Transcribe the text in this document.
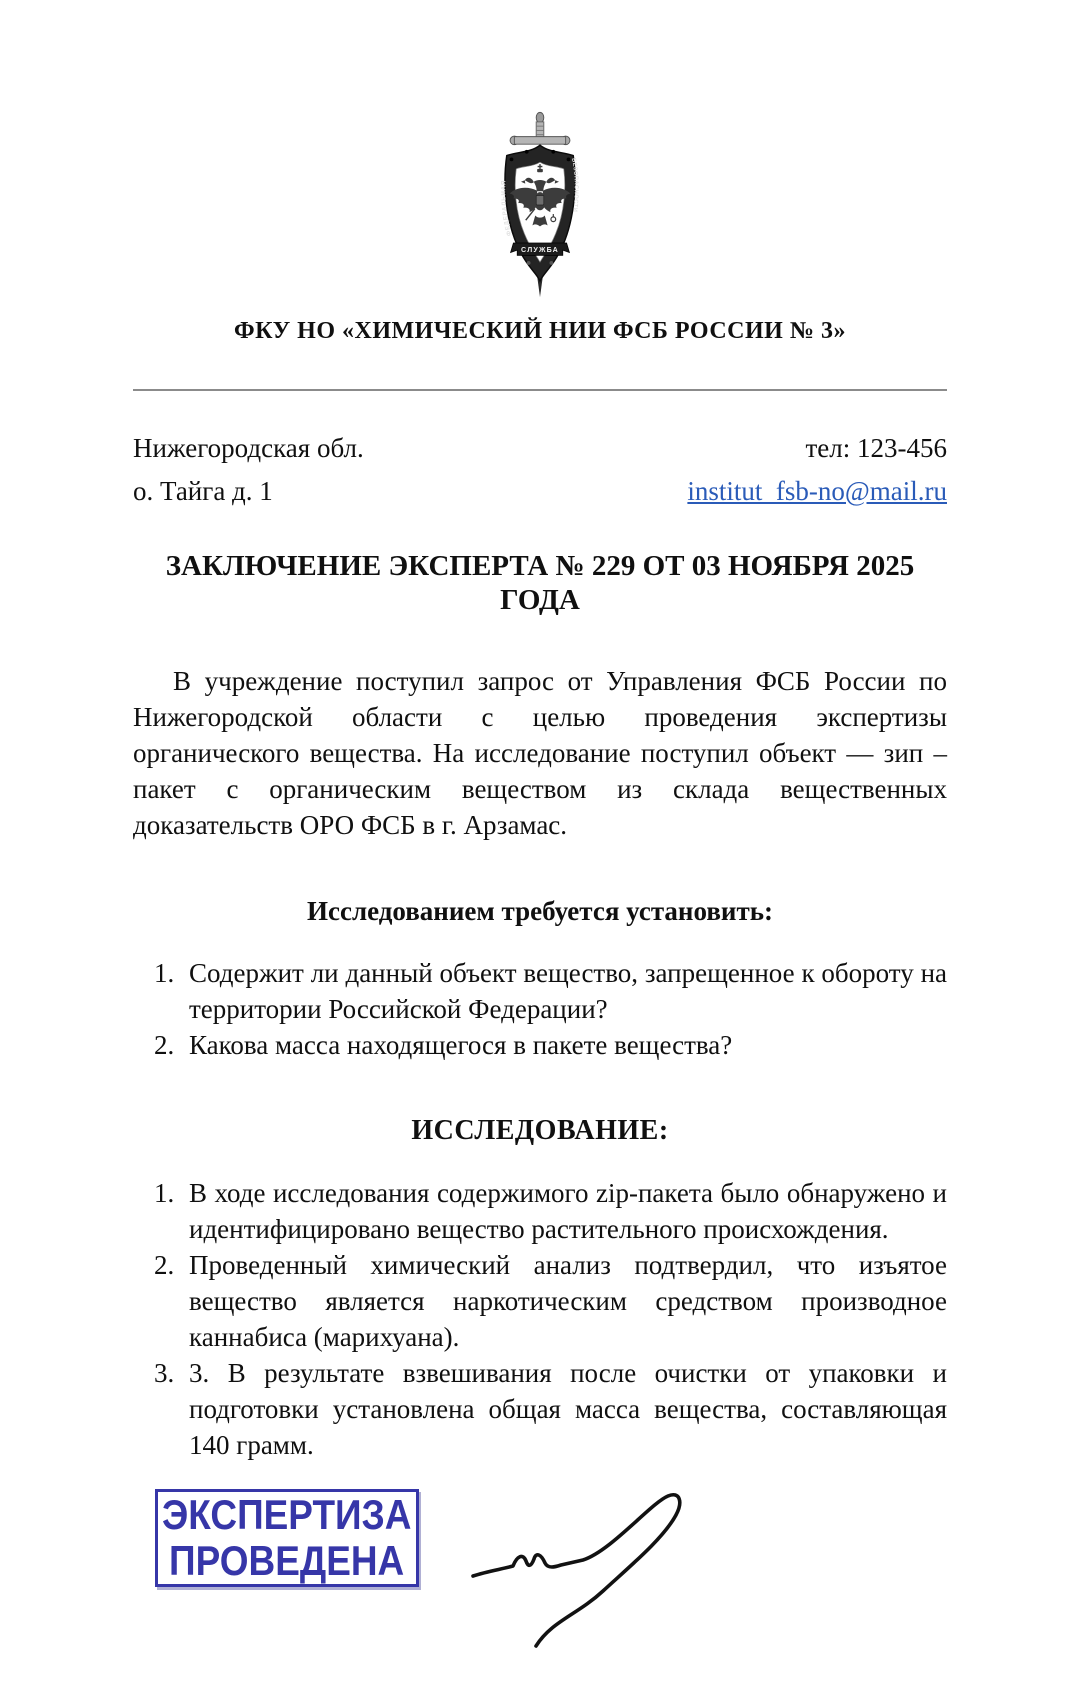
СЛУЖБА
ФЕДЕРАЛЬНАЯ
БЕЗОПАСНОСТИ
ФКУ НО «ХИМИЧЕСКИЙ НИИ ФСБ РОССИИ № 3»
Нижегородская обл.
о. Тайга д. 1
тел: 123-456
institut_fsb-no@mail.ru
ЗАКЛЮЧЕНИЕ ЭКСПЕРТА № 229 ОТ 03 НОЯБРЯ 2025 ГОДА

В учреждение поступил запрос от Управления ФСБ России по Нижегородской области с целью проведения экспертизы органического вещества. На исследование поступил объект — зип – пакет с органическим веществом из склада вещественных доказательств ОРО ФСБ в г. Арзамас.

Исследованием требуется установить:
1. Содержит ли данный объект вещество, запрещенное к обороту на территории Российской Федерации?
2. Какова масса находящегося в пакете вещества?
ИССЛЕДОВАНИЕ:
1. В ходе исследования содержимого zip-пакета было обнаружено и идентифицировано вещество растительного происхождения.
2. Проведенный химический анализ подтвердил, что изъятое вещество является наркотическим средством производное каннабиса (марихуана).
3. 3. В результате взвешивания после очистки от упаковки и подготовки установлена общая масса вещества, составляющая 140 грамм.
ЭКСПЕРТИЗА
ПРОВЕДЕНА
